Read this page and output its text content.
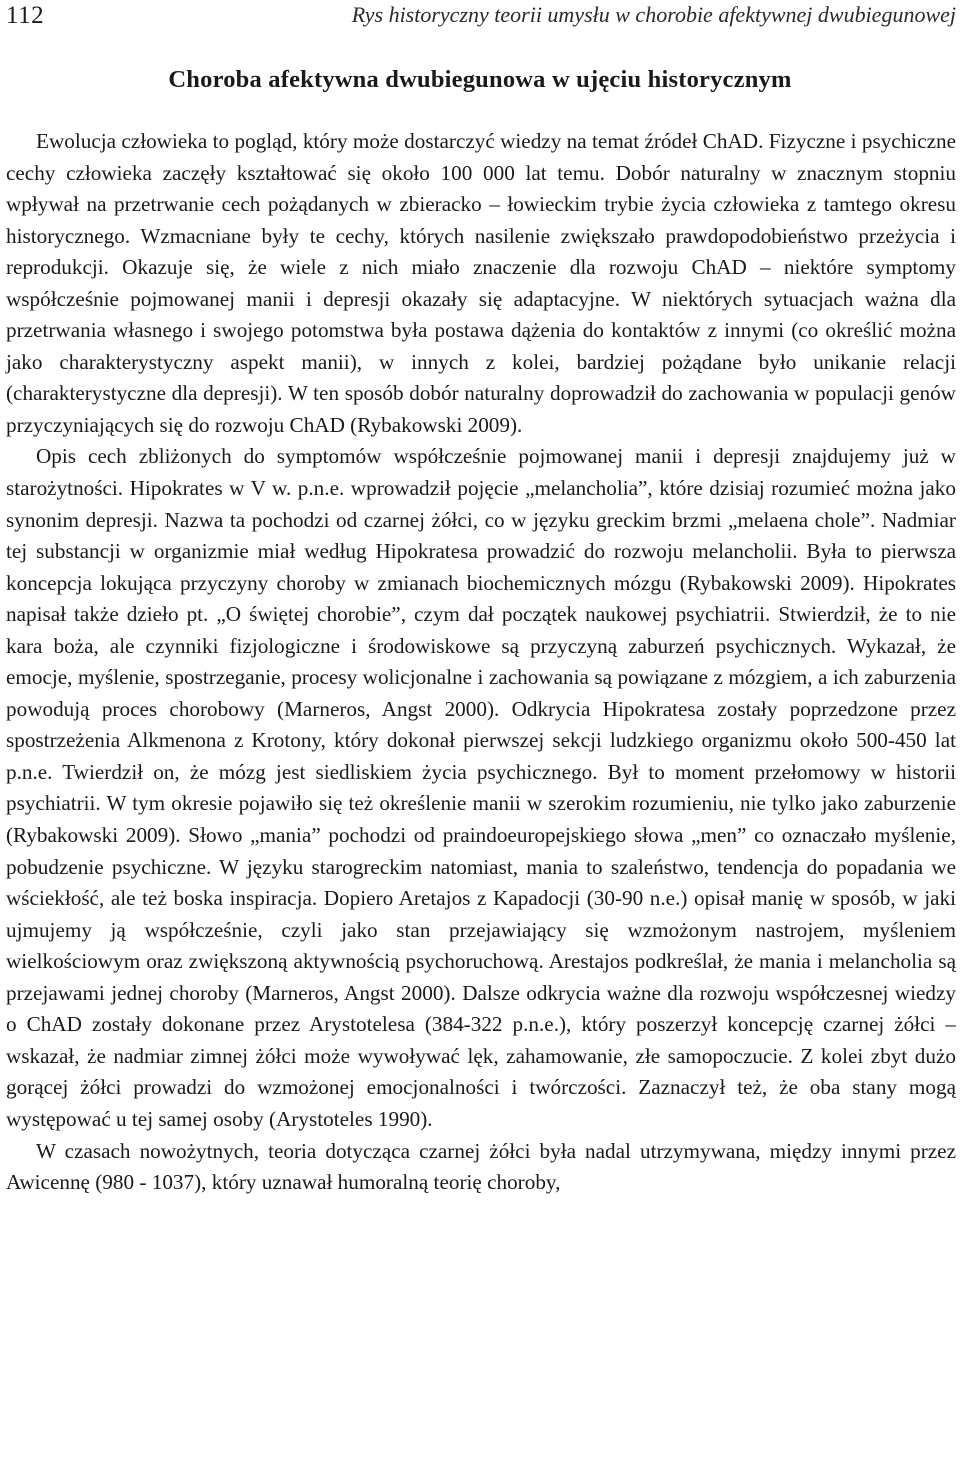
112	Rys historyczny teorii umysłu w chorobie afektywnej dwubiegunowej
Choroba afektywna dwubiegunowa w ujęciu historycznym

Ewolucja człowieka to pogląd, który może dostarczyć wiedzy na temat źródeł ChAD. Fizyczne i psychiczne cechy człowieka zaczęły kształtować się około 100 000 lat temu. Dobór naturalny w znacznym stopniu wpływał na przetrwanie cech pożądanych w zbieracko – łowieckim trybie życia człowieka z tamtego okresu historycznego. Wzmacniane były te cechy, których nasilenie zwiększało prawdopodobieństwo przeżycia i reprodukcji. Okazuje się, że wiele z nich miało znaczenie dla rozwoju ChAD – niektóre symptomy współcześnie pojmowanej manii i depresji okazały się adaptacyjne. W niektórych sytuacjach ważna dla przetrwania własnego i swojego potomstwa była postawa dążenia do kontaktów z innymi (co określić można jako charakterystyczny aspekt manii), w innych z kolei, bardziej pożądane było unikanie relacji (charakterystyczne dla depresji). W ten sposób dobór naturalny doprowadził do zachowania w populacji genów przyczyniających się do rozwoju ChAD (Rybakowski 2009).

Opis cech zbliżonych do symptomów współcześnie pojmowanej manii i depresji znajdujemy już w starożytności. Hipokrates w V w. p.n.e. wprowadził pojęcie „melancholia”, które dzisiaj rozumieć można jako synonim depresji. Nazwa ta pochodzi od czarnej żółci, co w języku greckim brzmi „melaena chole”. Nadmiar tej substancji w organizmie miał według Hipokratesa prowadzić do rozwoju melancholii. Była to pierwsza koncepcja lokująca przyczyny choroby w zmianach biochemicznych mózgu (Rybakowski 2009). Hipokrates napisał także dzieło pt. „O świętej chorobie”, czym dał początek naukowej psychiatrii. Stwierdził, że to nie kara boża, ale czynniki fizjologiczne i środowiskowe są przyczyną zaburzeń psychicznych. Wykazał, że emocje, myślenie, spostrzeganie, procesy wolicjonalne i zachowania są powiązane z mózgiem, a ich zaburzenia powodują proces chorobowy (Marneros, Angst 2000). Odkrycia Hipokratesa zostały poprzedzone przez spostrzeżenia Alkmenona z Krotony, który dokonał pierwszej sekcji ludzkiego organizmu około 500-450 lat p.n.e. Twierdził on, że mózg jest siedliskiem życia psychicznego. Był to moment przełomowy w historii psychiatrii. W tym okresie pojawiło się też określenie manii w szerokim rozumieniu, nie tylko jako zaburzenie (Rybakowski 2009). Słowo „mania” pochodzi od praindoeuropejskiego słowa „men” co oznaczało myślenie, pobudzenie psychiczne. W języku starogreckim natomiast, mania to szaleństwo, tendencja do popadania we wściekłość, ale też boska inspiracja. Dopiero Aretajos z Kapadocji (30-90 n.e.) opisał manię w sposób, w jaki ujmujemy ją współcześnie, czyli jako stan przejawiający się wzmożonym nastrojem, myśleniem wielkościowym oraz zwiększoną aktywnością psychoruchową. Arestajos podkreślał, że mania i melancholia są przejawami jednej choroby (Marneros, Angst 2000). Dalsze odkrycia ważne dla rozwoju współczesnej wiedzy o ChAD zostały dokonane przez Arystotelesa (384-322 p.n.e.), który poszerzył koncepcję czarnej żółci – wskazał, że nadmiar zimnej żółci może wywoływać lęk, zahamowanie, złe samopoczucie. Z kolei zbyt dużo gorącej żółci prowadzi do wzmożonej emocjonalności i twórczości. Zaznaczył też, że oba stany mogą występować u tej samej osoby (Arystoteles 1990).

W czasach nowożytnych, teoria dotycząca czarnej żółci była nadal utrzymywana, między innymi przez Awicennę (980 - 1037), który uznawał humoralną teorię choroby,
